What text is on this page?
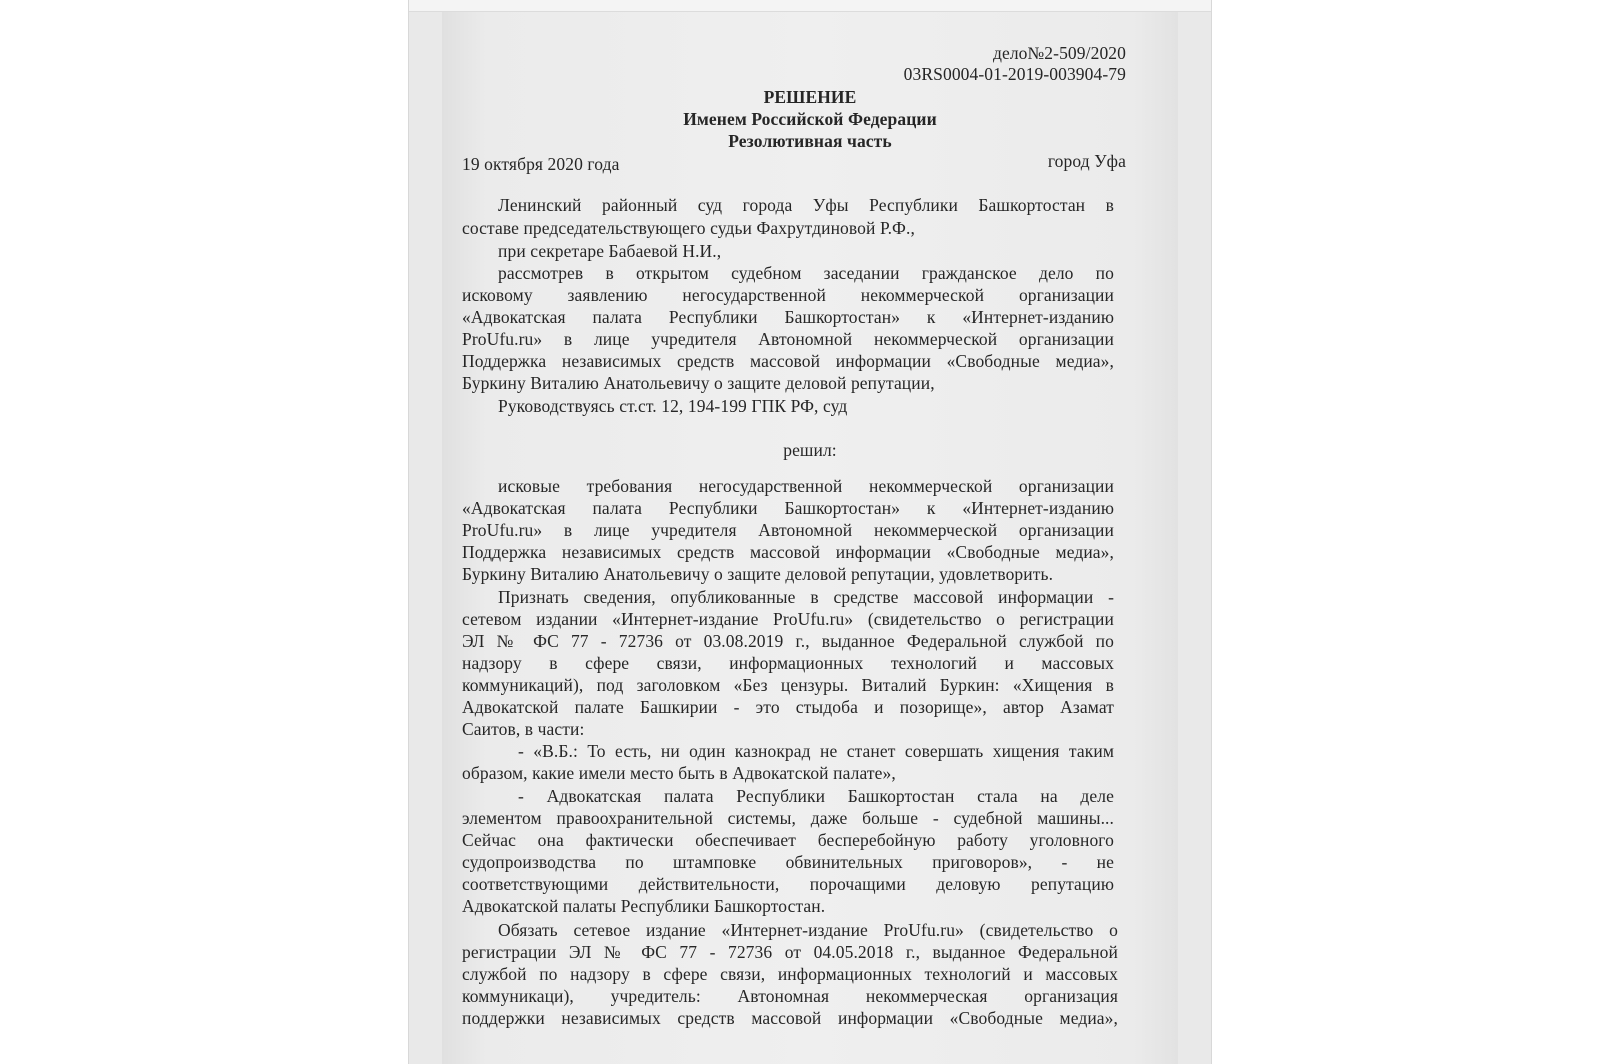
дело№2-509/2020
03RS0004-01-2019-003904-79
РЕШЕНИЕ
Именем Российской Федерации
Резолютивная часть
19 октября 2020 года	город Уфа
Ленинский районный суд города Уфы Республики Башкортостан в
составе председательствующего судьи Фахрутдиновой Р.Ф.,
при секретаре Бабаевой Н.И.,
рассмотрев в открытом судебном заседании гражданское дело по
исковому заявлению негосударственной некоммерческой организации
«Адвокатская палата Республики Башкортостан» к «Интернет-изданию
ProUfu.ru» в лице учредителя Автономной некоммерческой организации
Поддержка независимых средств массовой информации «Свободные медиа»,
Буркину Виталию Анатольевичу о защите деловой репутации,
Руководствуясь ст.ст. 12, 194-199 ГПК РФ, суд
решил:
исковые требования негосударственной некоммерческой организации
«Адвокатская палата Республики Башкортостан» к «Интернет-изданию
ProUfu.ru» в лице учредителя Автономной некоммерческой организации
Поддержка независимых средств массовой информации «Свободные медиа»,
Буркину Виталию Анатольевичу о защите деловой репутации, удовлетворить.
Признать сведения, опубликованные в средстве массовой информации -
сетевом издании «Интернет-издание ProUfu.ru» (свидетельство о регистрации
ЭЛ № ФС 77 - 72736 от 03.08.2019 г., выданное Федеральной службой по
надзору в сфере связи, информационных технологий и массовых
коммуникаций), под заголовком «Без цензуры. Виталий Буркин: «Хищения в
Адвокатской палате Башкирии - это стыдоба и позорище», автор Азамат
Саитов, в части:
- «В.Б.: То есть, ни один казнокрад не станет совершать хищения таким
образом, какие имели место быть в Адвокатской палате»,
- Адвокатская палата Республики Башкортостан стала на деле
элементом правоохранительной системы, даже больше - судебной машины...
Сейчас она фактически обеспечивает бесперебойную работу уголовного
судопроизводства по штамповке обвинительных приговоров», - не
соответствующими действительности, порочащими деловую репутацию
Адвокатской палаты Республики Башкортостан.
Обязать сетевое издание «Интернет-издание ProUfu.ru» (свидетельство о
регистрации ЭЛ № ФС 77 - 72736 от 04.05.2018 г., выданное Федеральной
службой по надзору в сфере связи, информационных технологий и массовых
коммуникаци), учредитель: Автономная некоммерческая организация
поддержки независимых средств массовой информации «Свободные медиа»,
